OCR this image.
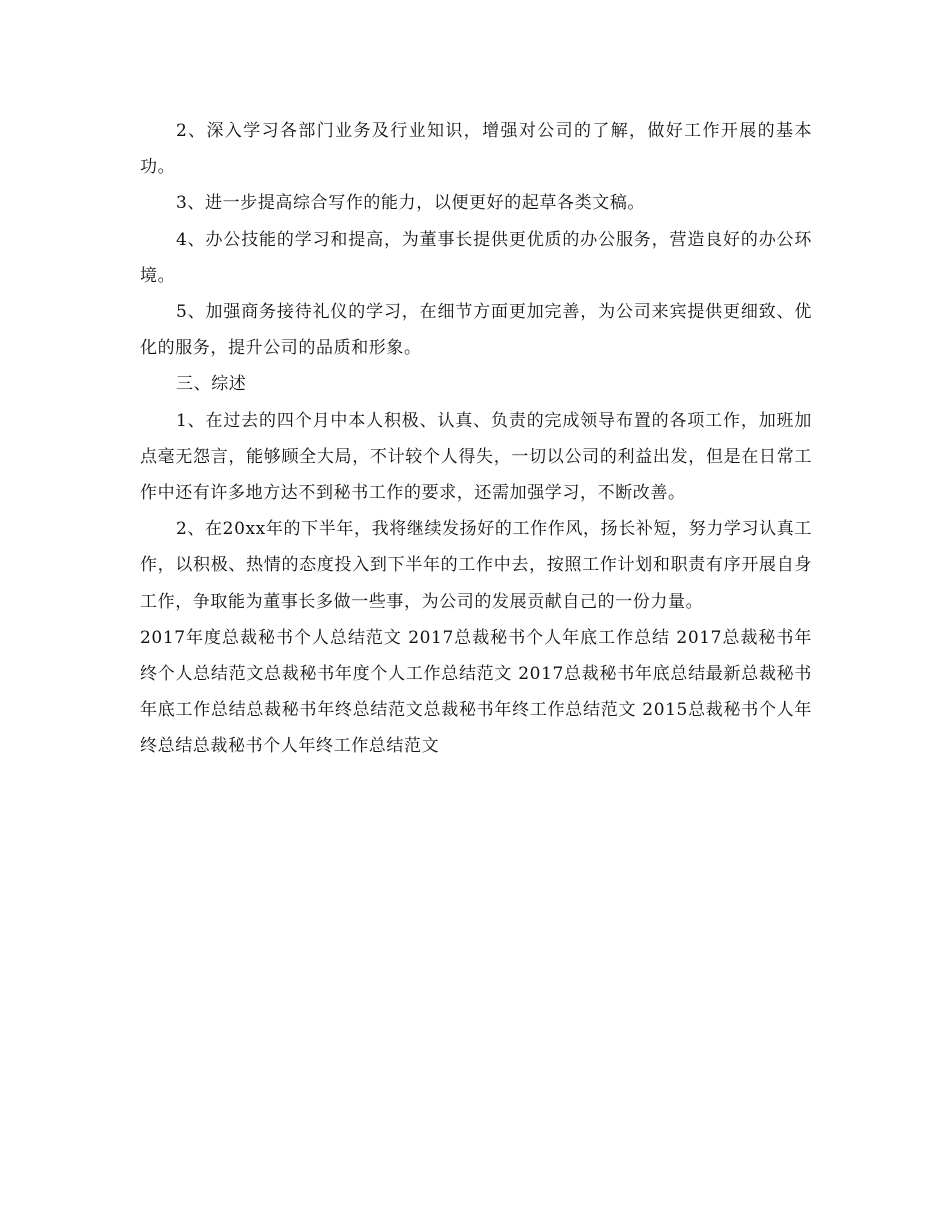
2、深入学习各部门业务及行业知识，增强对公司的了解，做好工作开展的基本功。

3、进一步提高综合写作的能力，以便更好的起草各类文稿。

4、办公技能的学习和提高，为董事长提供更优质的办公服务，营造良好的办公环境。

5、加强商务接待礼仪的学习，在细节方面更加完善，为公司来宾提供更细致、优化的服务，提升公司的品质和形象。

三、综述

1、在过去的四个月中本人积极、认真、负责的完成领导布置的各项工作，加班加点毫无怨言，能够顾全大局，不计较个人得失，一切以公司的利益出发，但是在日常工作中还有许多地方达不到秘书工作的要求，还需加强学习，不断改善。

2、在20xx年的下半年，我将继续发扬好的工作作风，扬长补短，努力学习认真工作，以积极、热情的态度投入到下半年的工作中去，按照工作计划和职责有序开展自身工作，争取能为董事长多做一些事，为公司的发展贡献自己的一份力量。

2017年度总裁秘书个人总结范文 2017总裁秘书个人年底工作总结 2017总裁秘书年终个人总结范文总裁秘书年度个人工作总结范文 2017总裁秘书年底总结最新总裁秘书年底工作总结总裁秘书年终总结范文总裁秘书年终工作总结范文 2015总裁秘书个人年终总结总裁秘书个人年终工作总结范文
